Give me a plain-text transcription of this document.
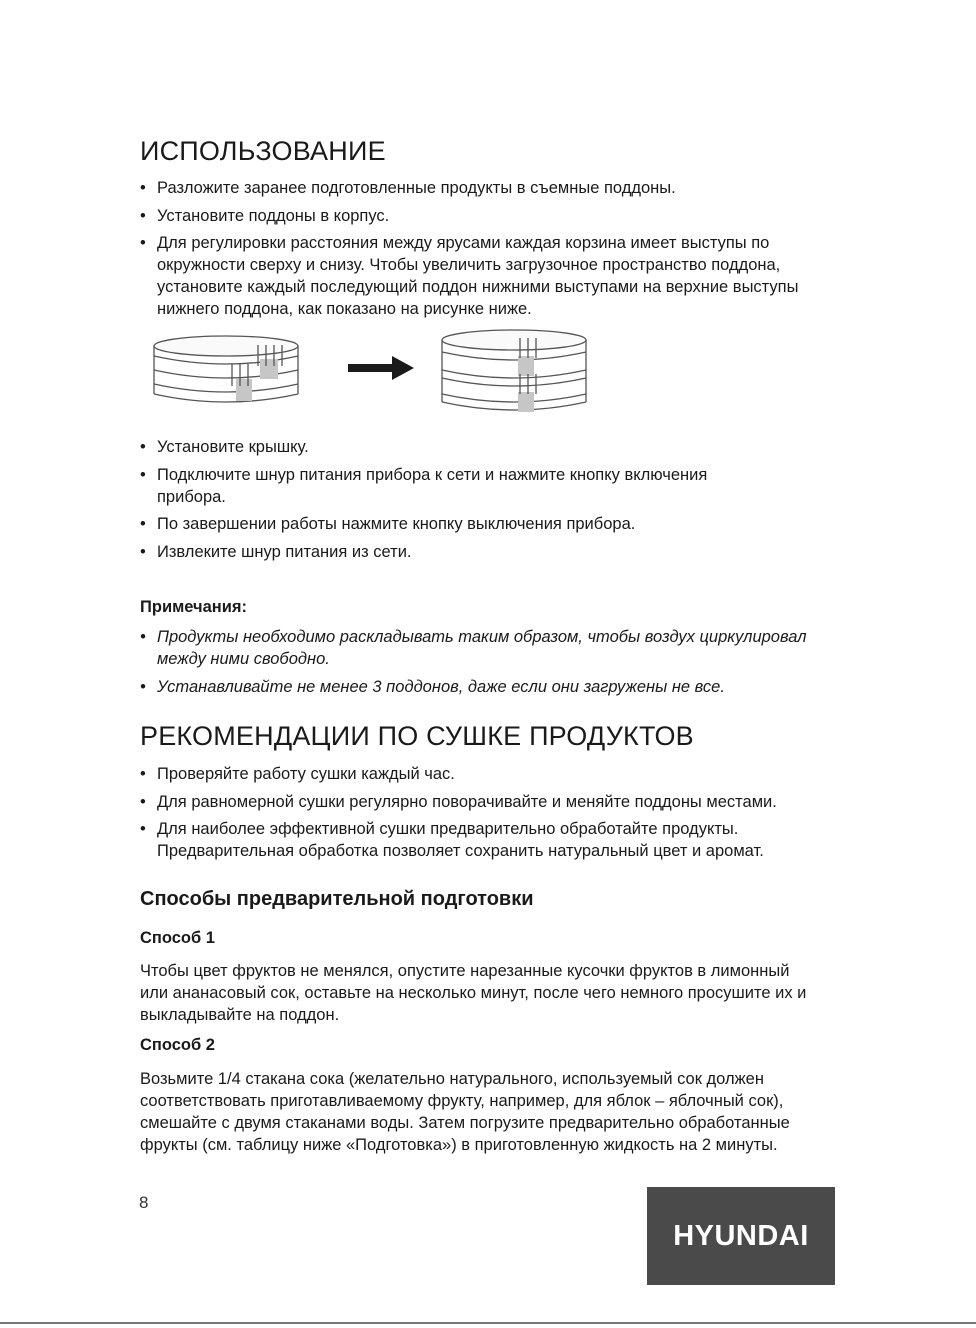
ИСПОЛЬЗОВАНИЕ
• Разложите заранее подготовленные продукты в съемные поддоны.
• Установите поддоны в корпус.
• Для регулировки расстояния между ярусами каждая корзина имеет выступы по окружности сверху и снизу. Чтобы увеличить загрузочное пространство поддона, установите каждый последующий поддон нижними выступами на верхние выступы нижнего поддона, как показано на рисунке ниже.
• Установите крышку.
• Подключите шнур питания прибора к сети и нажмите кнопку включения прибора.
• По завершении работы нажмите кнопку выключения прибора.
• Извлеките шнур питания из сети.
Примечания:
• Продукты необходимо раскладывать таким образом, чтобы воздух циркулировал между ними свободно.
• Устанавливайте не менее 3 поддонов, даже если они загружены не все.
РЕКОМЕНДАЦИИ ПО СУШКЕ ПРОДУКТОВ
• Проверяйте работу сушки каждый час.
• Для равномерной сушки регулярно поворачивайте и меняйте поддоны местами.
• Для наиболее эффективной сушки предварительно обработайте продукты. Предварительная обработка позволяет сохранить натуральный цвет и аромат.
Способы предварительной подготовки
Способ 1

Чтобы цвет фруктов не менялся, опустите нарезанные кусочки фруктов в лимонный или ананасовый сок, оставьте на несколько минут, после чего немного просушите их и выкладывайте на поддон.

Способ 2

Возьмите 1/4 стакана сока (желательно натурального, используемый сок должен соответствовать приготавливаемому фрукту, например, для яблок – яблочный сок), смешайте с двумя стаканами воды. Затем погрузите предварительно обработанные фрукты (см. таблицу ниже «Подготовка») в приготовленную жидкость на 2 минуты.

8
HYUNDAI
